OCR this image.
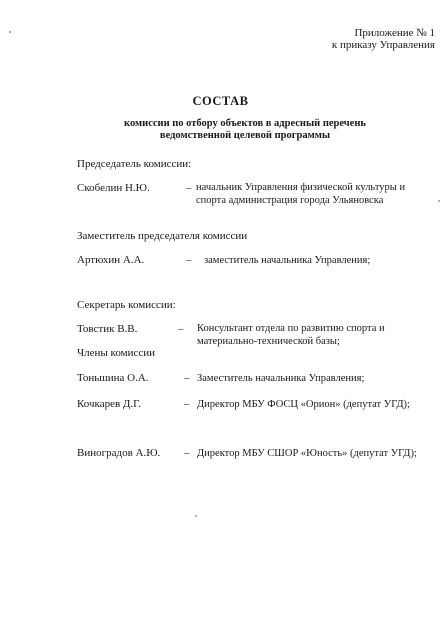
Приложение № 1
к приказу Управления
СОСТАВ
комиссии по отбору объектов в адресный перечень ведомственной целевой программы
Председатель комиссии:
Скобелин Н.Ю.	– начальник Управления физической культуры и
спорта администрация города Ульяновска
Заместитель председателя комиссии
Артюхин А.А.	– заместитель начальника Управления;
Секретарь комиссии:
Товстик В.В.	– Консультант отдела по развитию спорта и
материально-технической базы;
Члены комиссии
Тоньшина О.А.	– Заместитель начальника Управления;
Кочкарев Д.Г.	– Директор МБУ ФОСЦ «Орион» (депутат УГД);
Виноградов А.Ю. – Директор МБУ СШОР «Юность» (депутат УГД);
